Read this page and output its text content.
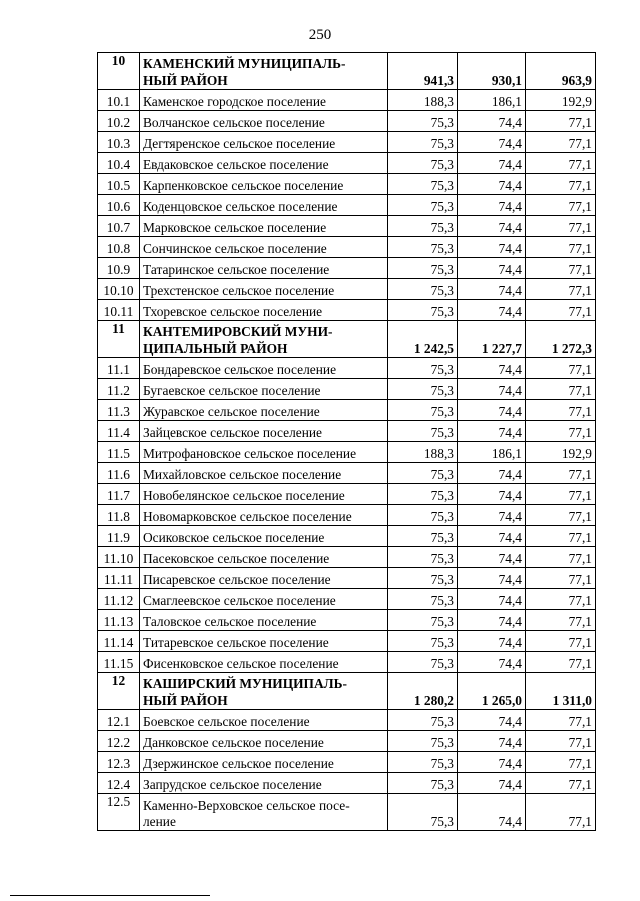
250
10	КАМЕНСКИЙ МУНИЦИПАЛЬ-
НЫЙ РАЙОН	941,3	930,1	963,9
10.1	Каменское городское поселение	188,3	186,1	192,9
10.2	Волчанское сельское поселение	75,3	74,4	77,1
10.3	Дегтяренское сельское поселение	75,3	74,4	77,1
10.4	Евдаковское сельское поселение	75,3	74,4	77,1
10.5	Карпенковское сельское поселение	75,3	74,4	77,1
10.6	Коденцовское сельское поселение	75,3	74,4	77,1
10.7	Марковское сельское поселение	75,3	74,4	77,1
10.8	Сончинское сельское поселение	75,3	74,4	77,1
10.9	Татаринское сельское поселение	75,3	74,4	77,1
10.10	Трехстенское сельское поселение	75,3	74,4	77,1
10.11	Тхоревское сельское поселение	75,3	74,4	77,1
11	КАНТЕМИРОВСКИЙ МУНИ-
ЦИПАЛЬНЫЙ РАЙОН	1 242,5	1 227,7	1 272,3
11.1	Бондаревское сельское поселение	75,3	74,4	77,1
11.2	Бугаевское сельское поселение	75,3	74,4	77,1
11.3	Журавское сельское поселение	75,3	74,4	77,1
11.4	Зайцевское сельское поселение	75,3	74,4	77,1
11.5	Митрофановское сельское поселение	188,3	186,1	192,9
11.6	Михайловское сельское поселение	75,3	74,4	77,1
11.7	Новобелянское сельское поселение	75,3	74,4	77,1
11.8	Новомарковское сельское поселение	75,3	74,4	77,1
11.9	Осиковское сельское поселение	75,3	74,4	77,1
11.10	Пасековское сельское поселение	75,3	74,4	77,1
11.11	Писаревское сельское поселение	75,3	74,4	77,1
11.12	Смаглеевское сельское поселение	75,3	74,4	77,1
11.13	Таловское сельское поселение	75,3	74,4	77,1
11.14	Титаревское сельское поселение	75,3	74,4	77,1
11.15	Фисенковское сельское поселение	75,3	74,4	77,1
12	КАШИРСКИЙ МУНИЦИПАЛЬ-
НЫЙ РАЙОН	1 280,2	1 265,0	1 311,0
12.1	Боевское сельское поселение	75,3	74,4	77,1
12.2	Данковское сельское поселение	75,3	74,4	77,1
12.3	Дзержинское сельское поселение	75,3	74,4	77,1
12.4	Запрудское сельское поселение	75,3	74,4	77,1
12.5	Каменно-Верховское сельское посе-
ление	75,3	74,4	77,1
